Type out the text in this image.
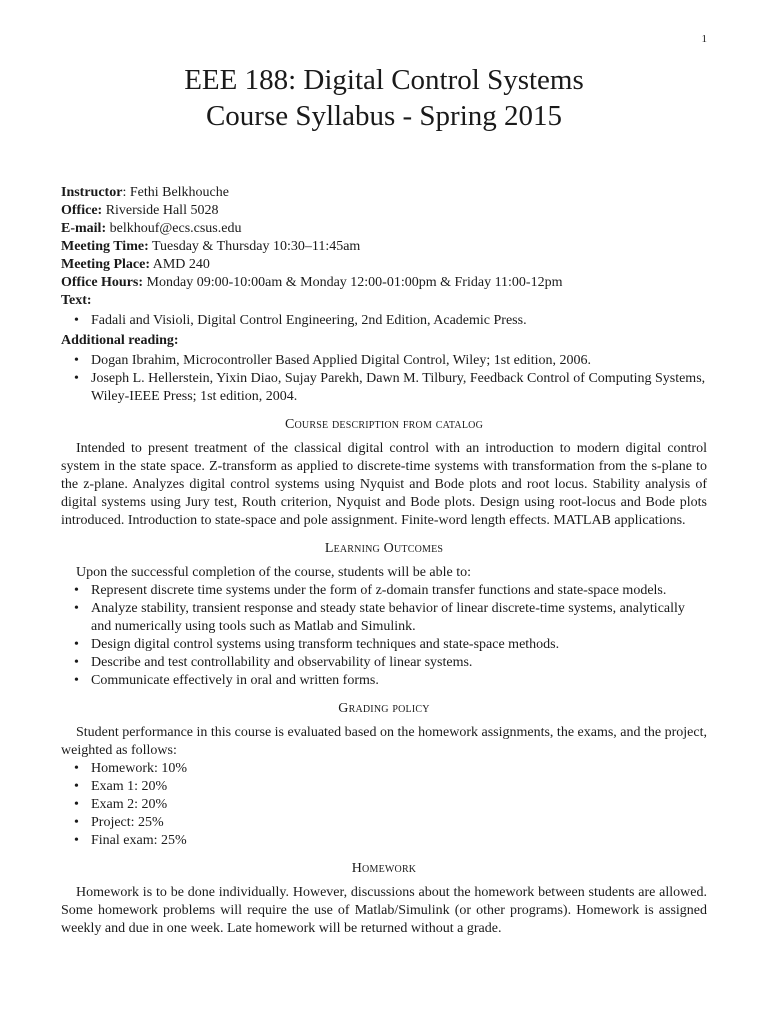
1
EEE 188: Digital Control Systems
Course Syllabus - Spring 2015
Instructor: Fethi Belkhouche
Office: Riverside Hall 5028
E-mail: belkhouf@ecs.csus.edu
Meeting Time: Tuesday & Thursday 10:30–11:45am
Meeting Place: AMD 240
Office Hours: Monday 09:00-10:00am & Monday 12:00-01:00pm & Friday 11:00-12pm
Text:
• Fadali and Visioli, Digital Control Engineering, 2nd Edition, Academic Press.
Additional reading:
• Dogan Ibrahim, Microcontroller Based Applied Digital Control, Wiley; 1st edition, 2006.
• Joseph L. Hellerstein, Yixin Diao, Sujay Parekh, Dawn M. Tilbury, Feedback Control of Computing Systems, Wiley-IEEE Press; 1st edition, 2004.
Course description from catalog

Intended to present treatment of the classical digital control with an introduction to modern digital control system in the state space. Z-transform as applied to discrete-time systems with transformation from the s-plane to the z-plane. Analyzes digital control systems using Nyquist and Bode plots and root locus. Stability analysis of digital systems using Jury test, Routh criterion, Nyquist and Bode plots. Design using root-locus and Bode plots introduced. Introduction to state-space and pole assignment. Finite-word length effects. MATLAB applications.

Learning Outcomes

Upon the successful completion of the course, students will be able to:

• Represent discrete time systems under the form of z-domain transfer functions and state-space models.
• Analyze stability, transient response and steady state behavior of linear discrete-time systems, analytically and numerically using tools such as Matlab and Simulink.
• Design digital control systems using transform techniques and state-space methods.
• Describe and test controllability and observability of linear systems.
• Communicate effectively in oral and written forms.
Grading policy

Student performance in this course is evaluated based on the homework assignments, the exams, and the project, weighted as follows:

• Homework: 10%
• Exam 1: 20%
• Exam 2: 20%
• Project: 25%
• Final exam: 25%
Homework

Homework is to be done individually. However, discussions about the homework between students are allowed. Some homework problems will require the use of Matlab/Simulink (or other programs). Homework is assigned weekly and due in one week. Late homework will be returned without a grade.
